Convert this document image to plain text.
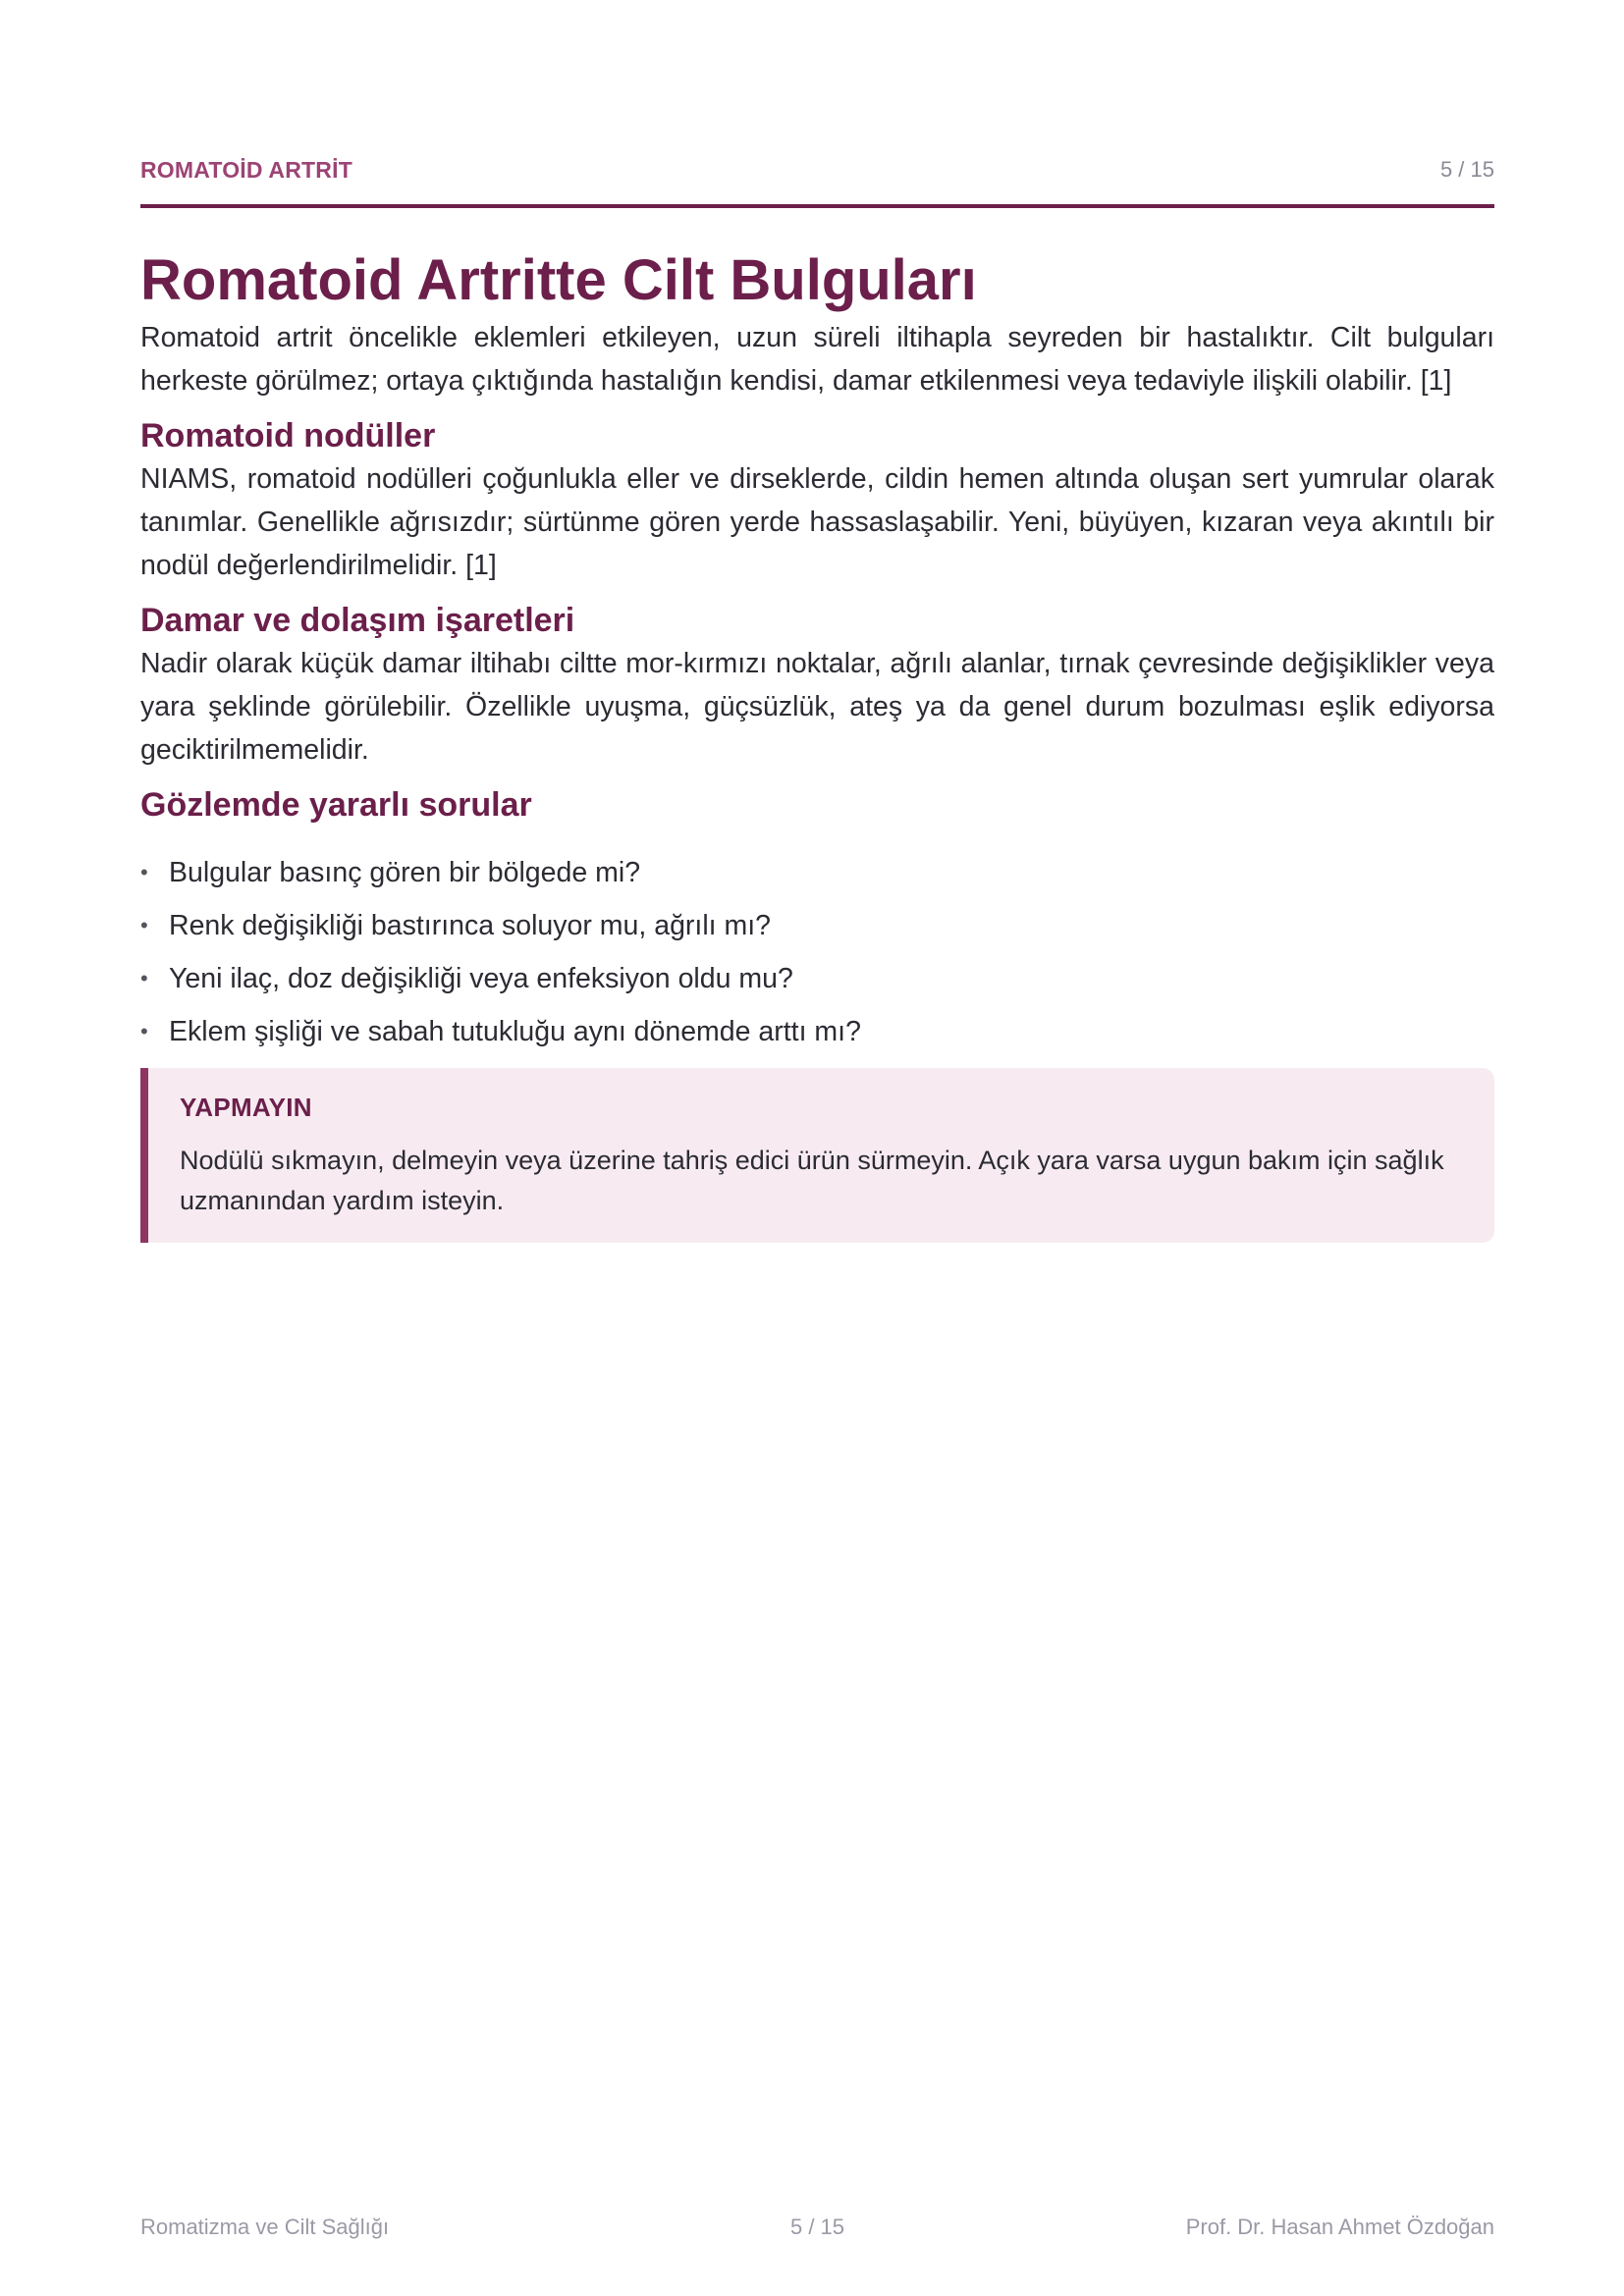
ROMATOİD ARTRİT	5 / 15
Romatoid Artritte Cilt Bulguları

Romatoid artrit öncelikle eklemleri etkileyen, uzun süreli iltihapla seyreden bir hastalıktır. Cilt bulguları herkeste görülmez; ortaya çıktığında hastalığın kendisi, damar etkilenmesi veya tedaviyle ilişkili olabilir. [1]

Romatoid nodüller

NIAMS, romatoid nodülleri çoğunlukla eller ve dirseklerde, cildin hemen altında oluşan sert yumrular olarak tanımlar. Genellikle ağrısızdır; sürtünme gören yerde hassaslaşabilir. Yeni, büyüyen, kızaran veya akıntılı bir nodül değerlendirilmelidir. [1]

Damar ve dolaşım işaretleri

Nadir olarak küçük damar iltihabı ciltte mor-kırmızı noktalar, ağrılı alanlar, tırnak çevresinde değişiklikler veya yara şeklinde görülebilir. Özellikle uyuşma, güçsüzlük, ateş ya da genel durum bozulması eşlik ediyorsa geciktirilmemelidir.

Gözlemde yararlı sorular
• Bulgular basınç gören bir bölgede mi?
• Renk değişikliği bastırınca soluyor mu, ağrılı mı?
• Yeni ilaç, doz değişikliği veya enfeksiyon oldu mu?
• Eklem şişliği ve sabah tutukluğu aynı dönemde arttı mı?
YAPMAYIN
Nodülü sıkmayın, delmeyin veya üzerine tahriş edici ürün sürmeyin. Açık yara varsa uygun bakım için sağlık uzmanından yardım isteyin.
5 / 15
Romatizma ve Cilt Sağlığı	Prof. Dr. Hasan Ahmet Özdoğan
